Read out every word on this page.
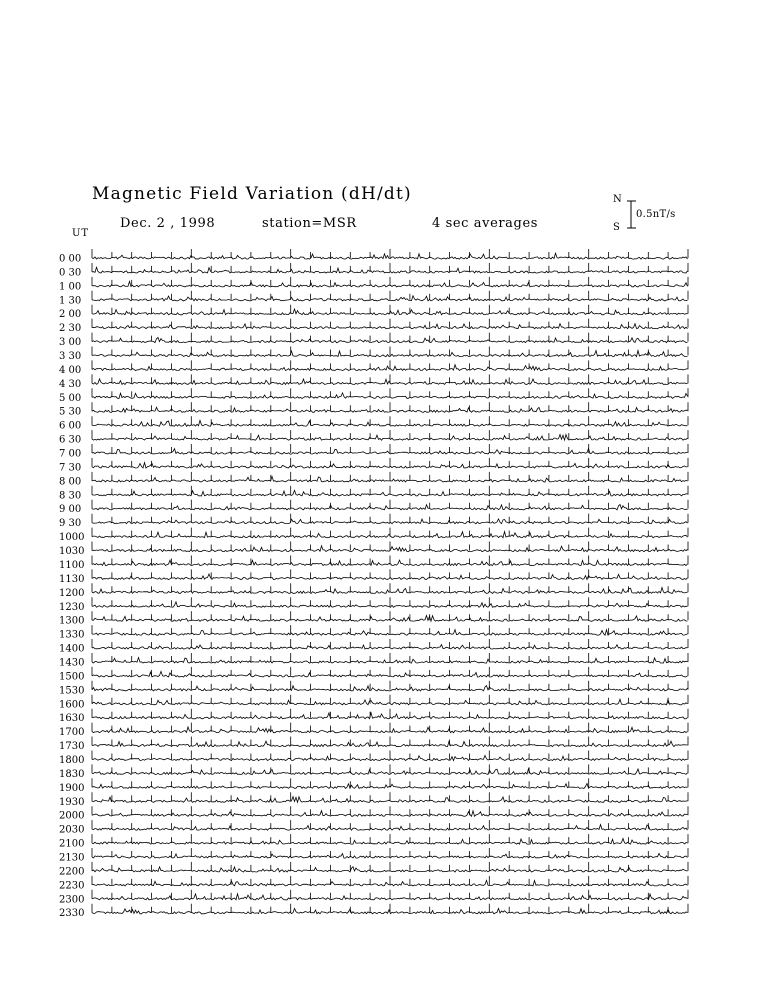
Magnetic Field Variation (dH/dt)
Dec. 2 , 1998	station=MSR	4 sec averages
UT
N
S
0.5nT/s
0 00
0 30
1 00
1 30
2 00
2 30
3 00
3 30
4 00
4 30
5 00
5 30
6 00
6 30
7 00
7 30
8 00
8 30
9 00
9 30
1000
1030
1100
1130
1200
1230
1300
1330
1400
1430
1500
1530
1600
1630
1700
1730
1800
1830
1900
1930
2000
2030
2100
2130
2200
2230
2300
2330
